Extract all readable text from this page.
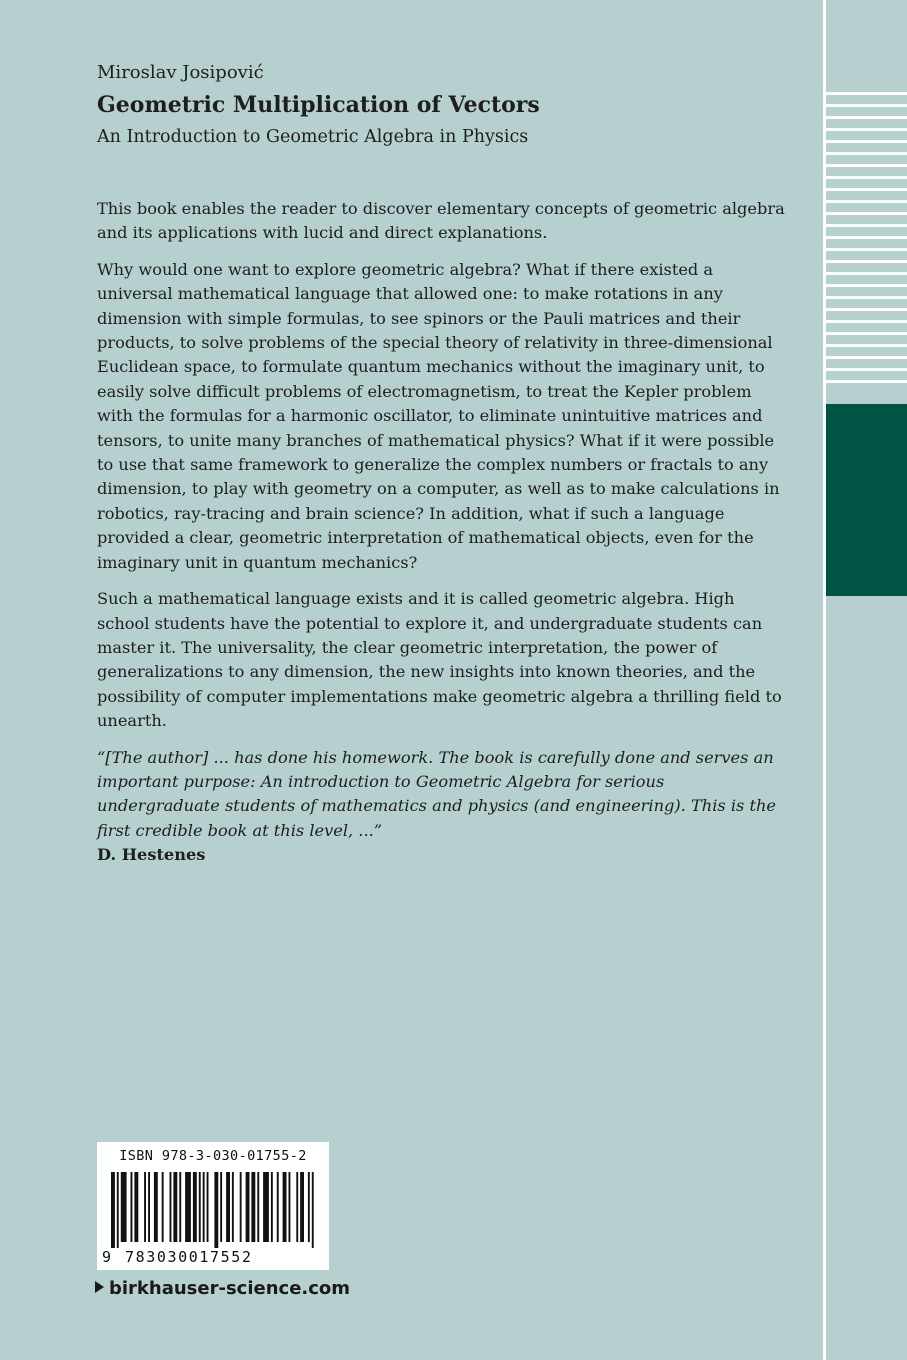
Miroslav Josipović
Geometric Multiplication of Vectors
An Introduction to Geometric Algebra in Physics

This book enables the reader to discover elementary concepts of geometric algebra and its applications with lucid and direct explanations.

Why would one want to explore geometric algebra? What if there existed a universal mathematical language that allowed one: to make rotations in any dimension with simple formulas, to see spinors or the Pauli matrices and their products, to solve problems of the special theory of relativity in three-dimensional Euclidean space, to formulate quantum mechanics without the imaginary unit, to easily solve difficult problems of electromagnetism, to treat the Kepler problem with the formulas for a harmonic oscillator, to eliminate unintuitive matrices and tensors, to unite many branches of mathematical physics? What if it were possible to use that same framework to generalize the complex numbers or fractals to any dimension, to play with geometry on a computer, as well as to make calculations in robotics, ray-tracing and brain science? In addition, what if such a language provided a clear, geometric interpretation of mathematical objects, even for the imaginary unit in quantum mechanics?

Such a mathematical language exists and it is called geometric algebra. High school students have the potential to explore it, and undergraduate students can master it. The universality, the clear geometric interpretation, the power of generalizations to any dimension, the new insights into known theories, and the possibility of computer implementations make geometric algebra a thrilling field to unearth.

“[The author] ... has done his homework. The book is carefully done and serves an important purpose: An introduction to Geometric Algebra for serious undergraduate students of mathematics and physics (and engineering). This is the first credible book at this level, ...”

D. Hestenes

ISBN 978-3-030-01755-2
9 783030017552
birkhauser-science.com
